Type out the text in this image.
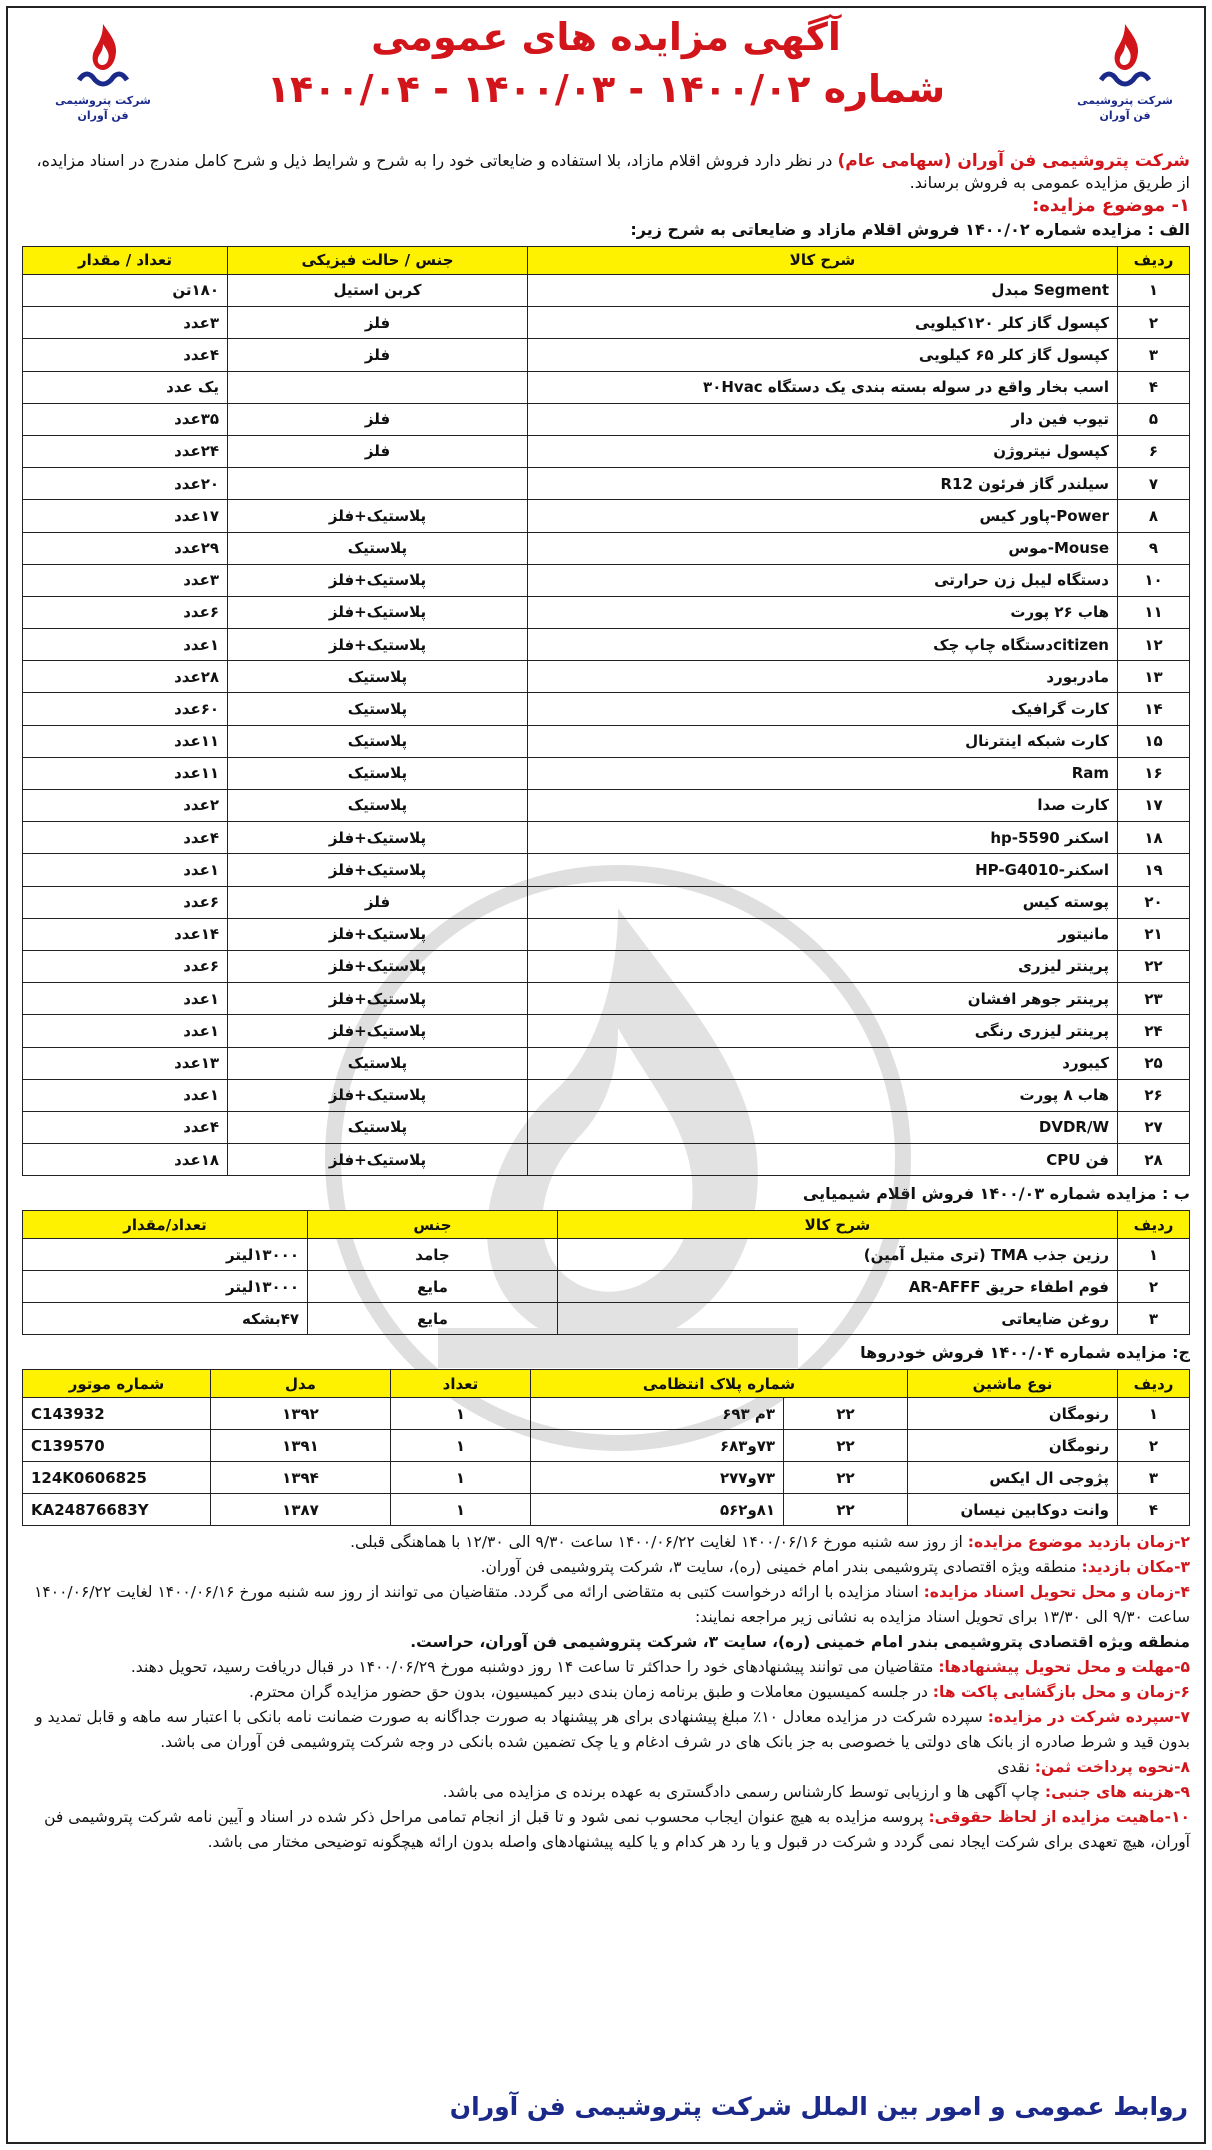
شرکت پتروشیمی فن آوران
آگهی مزایده های عمومی
شماره ۱۴۰۰/۰۲ - ۱۴۰۰/۰۳ - ۱۴۰۰/۰۴
شرکت پتروشیمی فن آوران
شرکت پتروشیمی فن آوران (سهامی عام) در نظر دارد فروش اقلام مازاد، بلا استفاده و ضایعاتی خود را به شرح و شرایط ذیل و شرح کامل مندرج در اسناد مزایده، از طریق مزایده عمومی به فروش برساند.
۱- موضوع مزایده:
الف : مزایده شماره ۱۴۰۰/۰۲ فروش اقلام مازاد و ضایعاتی به شرح زیر:
ردیف	شرح کالا	جنس / حالت فیزیکی	تعداد / مقدار
۱	Segment مبدل	کربن استیل	۱۸۰تن
۲	کپسول گاز کلر ۱۲۰کیلویی	فلز	۳عدد
۳	کپسول گاز کلر ۶۵ کیلویی	فلز	۴عدد
۴	اسب بخار واقع در سوله بسته بندی یک دستگاه ۳۰Hvac		یک عدد
۵	تیوب فین دار	فلز	۳۵عدد
۶	کپسول نیتروژن	فلز	۲۴عدد
۷	سیلندر گاز فرئون R12		۲۰عدد
۸	Power-پاور کیس	پلاستیک+فلز	۱۷عدد
۹	Mouse-موس	پلاستیک	۲۹عدد
۱۰	دستگاه لیبل زن حرارتی	پلاستیک+فلز	۳عدد
۱۱	هاب ۲۶ پورت	پلاستیک+فلز	۶عدد
۱۲	citizenدستگاه چاپ چک	پلاستیک+فلز	۱عدد
۱۳	مادربورد	پلاستیک	۲۸عدد
۱۴	کارت گرافیک	پلاستیک	۶۰عدد
۱۵	کارت شبکه اینترنال	پلاستیک	۱۱عدد
۱۶	Ram	پلاستیک	۱۱عدد
۱۷	کارت صدا	پلاستیک	۲عدد
۱۸	اسکنر hp-5590	پلاستیک+فلز	۴عدد
۱۹	اسکنر-HP-G4010	پلاستیک+فلز	۱عدد
۲۰	پوسته کیس	فلز	۶عدد
۲۱	مانیتور	پلاستیک+فلز	۱۴عدد
۲۲	پرینتر لیزری	پلاستیک+فلز	۶عدد
۲۳	پرینتر جوهر افشان	پلاستیک+فلز	۱عدد
۲۴	پرینتر لیزری رنگی	پلاستیک+فلز	۱عدد
۲۵	کیبورد	پلاستیک	۱۳عدد
۲۶	هاب ۸ پورت	پلاستیک+فلز	۱عدد
۲۷	DVDR/W	پلاستیک	۴عدد
۲۸	فن CPU	پلاستیک+فلز	۱۸عدد
ب : مزایده شماره ۱۴۰۰/۰۳ فروش اقلام شیمیایی
ردیف	شرح کالا	جنس	تعداد/مقدار
۱	رزین جذب TMA (تری متیل آمین)	جامد	۱۳۰۰۰لیتر
۲	فوم اطفاء حریق AR-AFFF	مایع	۱۳۰۰۰لیتر
۳	روغن ضایعاتی	مایع	۴۷بشکه
ج: مزایده شماره ۱۴۰۰/۰۴ فروش خودروها
ردیف	نوع ماشین	شماره پلاک انتظامی		تعداد	مدل	شماره موتور
۱	رنومگان	۲۲	۳م ۶۹۳	۱	۱۳۹۲	C143932
۲	رنومگان	۲۲	۷۳و۶۸۳	۱	۱۳۹۱	C139570
۳	پژوجی ال ایکس	۲۲	۷۳و۲۷۷	۱	۱۳۹۴	124K0606825
۴	وانت دوکابین نیسان	۲۲	۸۱و۵۶۲	۱	۱۳۸۷	KA24876683Y

۲-زمان بازدید موضوع مزایده: از روز سه شنبه مورخ ۱۴۰۰/۰۶/۱۶ لغایت ۱۴۰۰/۰۶/۲۲ ساعت ۹/۳۰ الی ۱۲/۳۰ با هماهنگی قبلی.

۳-مکان بازدید: منطقه ویژه اقتصادی پتروشیمی بندر امام خمینی (ره)، سایت ۳، شرکت پتروشیمی فن آوران.

۴-زمان و محل تحویل اسناد مزایده: اسناد مزایده با ارائه درخواست کتبی به متقاضی ارائه می گردد. متقاضیان می توانند از روز سه شنبه مورخ ۱۴۰۰/۰۶/۱۶ لغایت ۱۴۰۰/۰۶/۲۲ ساعت ۹/۳۰ الی ۱۳/۳۰ برای تحویل اسناد مزایده به نشانی زیر مراجعه نمایند:

منطقه ویژه اقتصادی پتروشیمی بندر امام خمینی (ره)، سایت ۳، شرکت پتروشیمی فن آوران، حراست.

۵-مهلت و محل تحویل پیشنهادها: متقاضیان می توانند پیشنهادهای خود را حداکثر تا ساعت ۱۴ روز دوشنبه مورخ ۱۴۰۰/۰۶/۲۹ در قبال دریافت رسید، تحویل دهند.

۶-زمان و محل بازگشایی پاکت ها: در جلسه کمیسیون معاملات و طبق برنامه زمان بندی دبیر کمیسیون، بدون حق حضور مزایده گران محترم.

۷-سپرده شرکت در مزایده: سپرده شرکت در مزایده معادل ۱۰٪ مبلغ پیشنهادی برای هر پیشنهاد به صورت جداگانه به صورت ضمانت نامه بانکی با اعتبار سه ماهه و قابل تمدید و بدون قید و شرط صادره از بانک های دولتی یا خصوصی به جز بانک های در شرف ادغام و یا چک تضمین شده بانکی در وجه شرکت پتروشیمی فن آوران می باشد.

۸-نحوه پرداخت ثمن: نقدی

۹-هزینه های جنبی: چاپ آگهی ها و ارزیابی توسط کارشناس رسمی دادگستری به عهده برنده ی مزایده می باشد.

۱۰-ماهیت مزایده از لحاظ حقوقی: پروسه مزایده به هیچ عنوان ایجاب محسوب نمی شود و تا قبل از انجام تمامی مراحل ذکر شده در اسناد و آیین نامه شرکت پتروشیمی فن آوران، هیچ تعهدی برای شرکت ایجاد نمی گردد و شرکت در قبول و یا رد هر کدام و یا کلیه پیشنهادهای واصله بدون ارائه هیچگونه توضیحی مختار می باشد.

روابط عمومی و امور بین الملل شرکت پتروشیمی فن آوران
